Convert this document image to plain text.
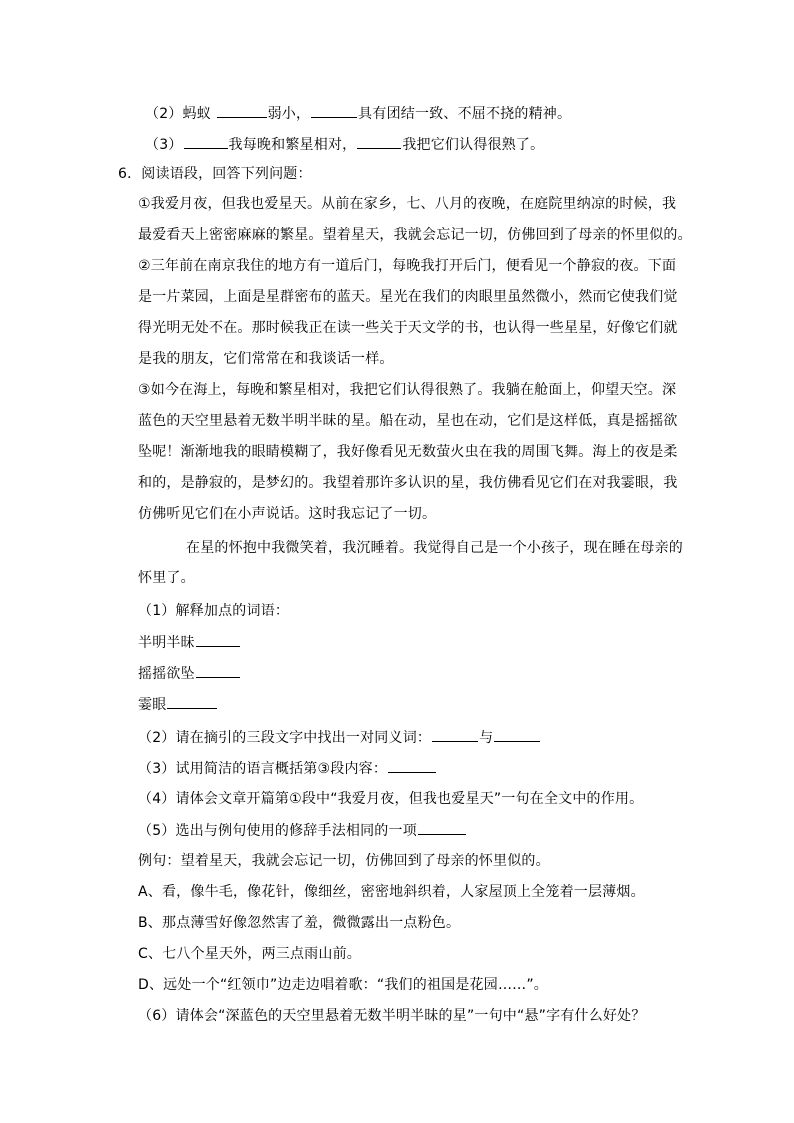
（2）蚂蚁	弱小，	具有团结一致、不屈不挠的精神。
（3）	我每晚和繁星相对，	我把它们认得很熟了。
6．阅读语段，回答下列问题：
①我爱月夜，但我也爱星天。从前在家乡，七、八月的夜晚，在庭院里纳凉的时候，我
最爱看天上密密麻麻的繁星。望着星天，我就会忘记一切，仿佛回到了母亲的怀里似的。
②三年前在南京我住的地方有一道后门，每晚我打开后门，便看见一个静寂的夜。下面
是一片菜园，上面是星群密布的蓝天。星光在我们的肉眼里虽然微小，然而它使我们觉
得光明无处不在。那时候我正在读一些关于天文学的书，也认得一些星星，好像它们就
是我的朋友，它们常常在和我谈话一样。
③如今在海上，每晚和繁星相对，我把它们认得很熟了。我躺在舱面上，仰望天空。深
蓝色的天空里悬着无数半明半昧的星。船在动，星也在动，它们是这样低，真是摇摇欲
坠呢！渐渐地我的眼睛模糊了，我好像看见无数萤火虫在我的周围飞舞。海上的夜是柔
和的，是静寂的，是梦幻的。我望着那许多认识的星，我仿佛看见它们在对我霎眼，我
仿佛听见它们在小声说话。这时我忘记了一切。
在星的怀抱中我微笑着，我沉睡着。我觉得自己是一个小孩子，现在睡在母亲的
怀里了。
（1）解释加点的词语：
半明半昧
摇摇欲坠
霎眼
（2）请在摘引的三段文字中找出一对同义词：	与
（3）试用简洁的语言概括第③段内容：
（4）请体会文章开篇第①段中“我爱月夜，但我也爱星天”一句在全文中的作用。
（5）选出与例句使用的修辞手法相同的一项
例句：望着星天，我就会忘记一切，仿佛回到了母亲的怀里似的。
A、看，像牛毛，像花针，像细丝，密密地斜织着，人家屋顶上全笼着一层薄烟。
B、那点薄雪好像忽然害了羞，微微露出一点粉色。
C、七八个星天外，两三点雨山前。
D、远处一个“红领巾”边走边唱着歌：“我们的祖国是花园……”。
（6）请体会“深蓝色的天空里悬着无数半明半昧的星”一句中“悬”字有什么好处？
